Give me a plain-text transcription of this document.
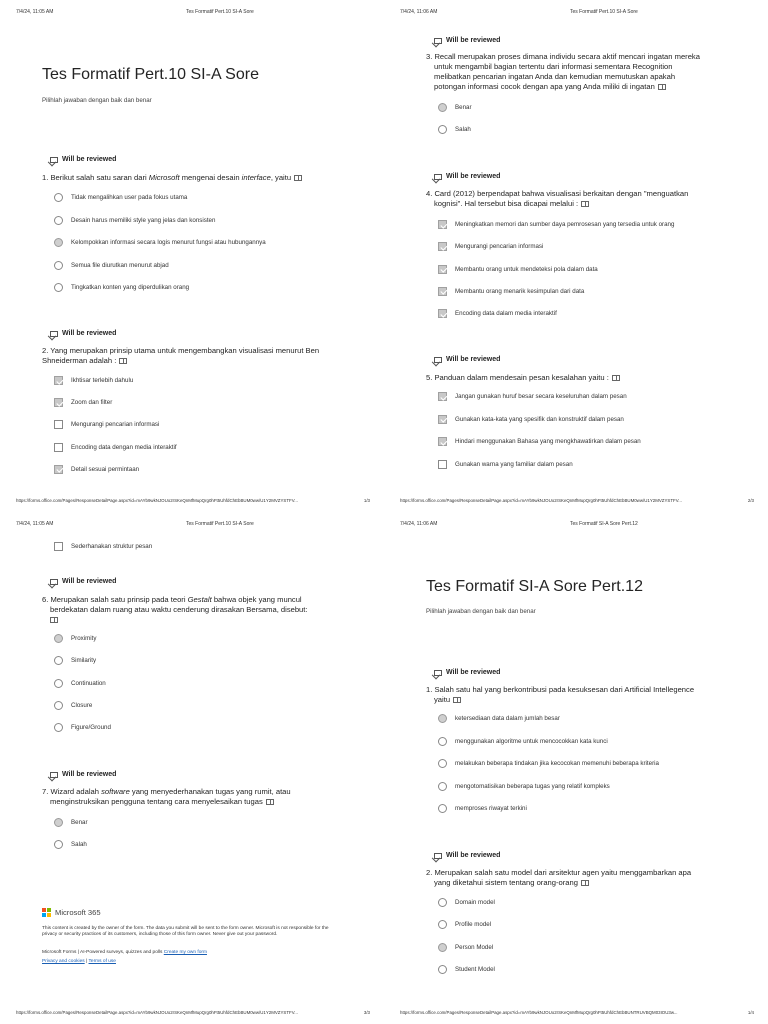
7/4/24, 11:05 AM	Tes Formatif Pert.10 SI-A Sore
Tes Formatif Pert.10 SI-A Sore
Pilihlah jawaban dengan baik dan benar
Will be reviewed
1. Berikut salah satu saran dari Microsoft mengenai desain interface, yaitu
Tidak mengalihkan user pada fokus utama
Desain harus memiliki style yang jelas dan konsisten
Kelompokkan informasi secara logis menurut fungsi atau hubungannya
Semua file diurutkan menurut abjad
Tingkatkan konten yang diperdulikan orang
Will be reviewed
2. Yang merupakan prinsip utama untuk mengembangkan visualisasi menurut Ben
Shneiderman adalah :
Ikhtisar terlebih dahulu
Zoom dan filter
Mengurangi pencarian informasi
Encoding data dengan media interaktif
Detail sesuai permintaan
https://forms.office.com/Pages/ResponseDetailPage.aspx?id=mAYb9wkNJOUo2rSKeQnMfMupQrg0hFt5UhfdChEbBUM0ww/U1Y2MVZYSTFV...	1/3
7/4/24, 11:06 AM	Tes Formatif Pert.10 SI-A Sore
Will be reviewed
3. Recall merupakan proses dimana individu secara aktif mencari ingatan mereka
untuk mengambil bagian tertentu dari informasi sementara Recognition
melibatkan pencarian ingatan Anda dan kemudian memutuskan apakah
potongan informasi cocok dengan apa yang Anda miliki di ingatan
Benar
Salah
Will be reviewed
4. Card (2012) berpendapat bahwa visualisasi berkaitan dengan "menguatkan
kognisi". Hal tersebut bisa dicapai melalui :
Meningkatkan memori dan sumber daya pemrosesan yang tersedia untuk orang
Mengurangi pencarian informasi
Membantu orang untuk mendeteksi pola dalam data
Membantu orang menarik kesimpulan dari data
Encoding data dalam media interaktif
Will be reviewed
5. Panduan dalam mendesain pesan kesalahan yaitu :
Jangan gunakan huruf besar secara keseluruhan dalam pesan
Gunakan kata-kata yang spesifik dan konstruktif dalam pesan
Hindari menggunakan Bahasa yang mengkhawatirkan dalam pesan
Gunakan warna yang familiar dalam pesan
https://forms.office.com/Pages/ResponseDetailPage.aspx?id=mAYb9wkNJOUo2rSKeQnMfMupQrg0hFt5UhfdChEbBUM0ww/U1Y2MVZYSTFV...	2/3
7/4/24, 11:05 AM	Tes Formatif Pert.10 SI-A Sore
Sederhanakan struktur pesan
Will be reviewed
6. Merupakan salah satu prinsip pada teori Gestalt bahwa objek yang muncul
berdekatan dalam ruang atau waktu cenderung dirasakan Bersama, disebut:
Proximity
Similarity
Continuation
Closure
Figure/Ground
Will be reviewed
7. Wizard adalah software yang menyederhanakan tugas yang rumit, atau
menginstruksikan pengguna tentang cara menyelesaikan tugas
Benar
Salah
Microsoft 365
This content is created by the owner of the form. The data you submit will be sent to the form owner. Microsoft is not responsible for the privacy or security practices of its customers, including those of this form owner. Never give out your password.
Microsoft Forms | AI-Powered surveys, quizzes and polls Create my own form
Privacy and cookies | Terms of use
https://forms.office.com/Pages/ResponseDetailPage.aspx?id=mAYb9wkNJOUo2rSKeQnMfMupQrg0hFt5UhfdChEbBUM0ww/U1Y2MVZYSTFV...	3/3
7/4/24, 11:06 AM	Tes Formatif SI-A Sore Pert.12
Tes Formatif SI-A Sore Pert.12
Pilihlah jawaban dengan baik dan benar
Will be reviewed
1. Salah satu hal yang berkontribusi pada kesuksesan dari Artificial Intellegence
yaitu
ketersediaan data dalam jumlah besar
menggunakan algoritme untuk mencocokkan kata kunci
melakukan beberapa tindakan jika kecocokan memenuhi beberapa kriteria
mengotomatisikan beberapa tugas yang relatif kompleks
memproses riwayat terkini
Will be reviewed
2. Merupakan salah satu model dari arsitektur agen yaitu menggambarkan apa
yang diketahui sistem tentang orang-orang
Domain model
Profile model
Person Model
Student Model
https://forms.office.com/Pages/ResponseDetailPage.aspx?id=mAYb9wkNJOUo2rSKeQnMfMupQrg0hFt5UhfdChEbBUNTRUVBQM03IOU3w...	1/4
